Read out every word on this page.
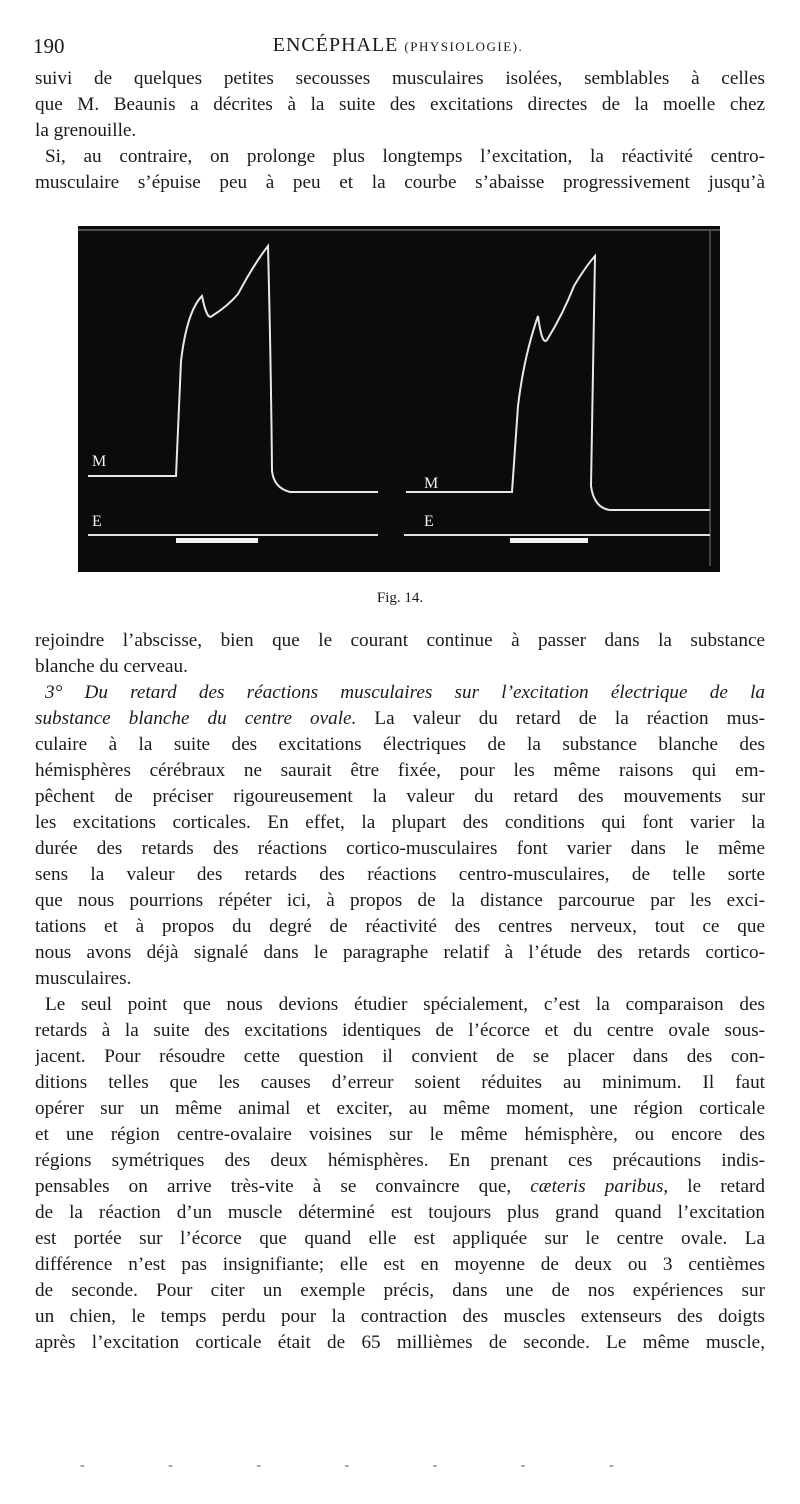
190	ENCÉPHALE (PHYSIOLOGIE).
suivi de quelques petites secousses musculaires isolées, semblables à celles
que M. Beaunis a décrites à la suite des excitations directes de la moelle chez
la grenouille.
Si, au contraire, on prolonge plus longtemps l’excitation, la réactivité centro-
musculaire s’épuise peu à peu et la courbe s’abaisse progressivement jusqu’à
M
E
M
E
Fig. 14.
rejoindre l’abscisse, bien que le courant continue à passer dans la substance
blanche du cerveau.
3° Du retard des réactions musculaires sur l’excitation électrique de la
substance blanche du centre ovale. La valeur du retard de la réaction mus-
culaire à la suite des excitations électriques de la substance blanche des
hémisphères cérébraux ne saurait être fixée, pour les même raisons qui em-
pêchent de préciser rigoureusement la valeur du retard des mouvements sur
les excitations corticales. En effet, la plupart des conditions qui font varier la
durée des retards des réactions cortico-musculaires font varier dans le même
sens la valeur des retards des réactions centro-musculaires, de telle sorte
que nous pourrions répéter ici, à propos de la distance parcourue par les exci-
tations et à propos du degré de réactivité des centres nerveux, tout ce que
nous avons déjà signalé dans le paragraphe relatif à l’étude des retards cortico-
musculaires.
Le seul point que nous devions étudier spécialement, c’est la comparaison des
retards à la suite des excitations identiques de l’écorce et du centre ovale sous-
jacent. Pour résoudre cette question il convient de se placer dans des con-
ditions telles que les causes d’erreur soient réduites au minimum. Il faut
opérer sur un même animal et exciter, au même moment, une région corticale
et une région centre-ovalaire voisines sur le même hémisphère, ou encore des
régions symétriques des deux hémisphères. En prenant ces précautions indis-
pensables on arrive très-vite à se convaincre que, cæteris paribus, le retard
de la réaction d’un muscle déterminé est toujours plus grand quand l’excitation
est portée sur l’écorce que quand elle est appliquée sur le centre ovale. La
différence n’est pas insignifiante; elle est en moyenne de deux ou 3 centièmes
de seconde. Pour citer un exemple précis, dans une de nos expériences sur
un chien, le temps perdu pour la contraction des muscles extenseurs des doigts
après l’excitation corticale était de 65 millièmes de seconde. Le même muscle,
- - - - - - -
